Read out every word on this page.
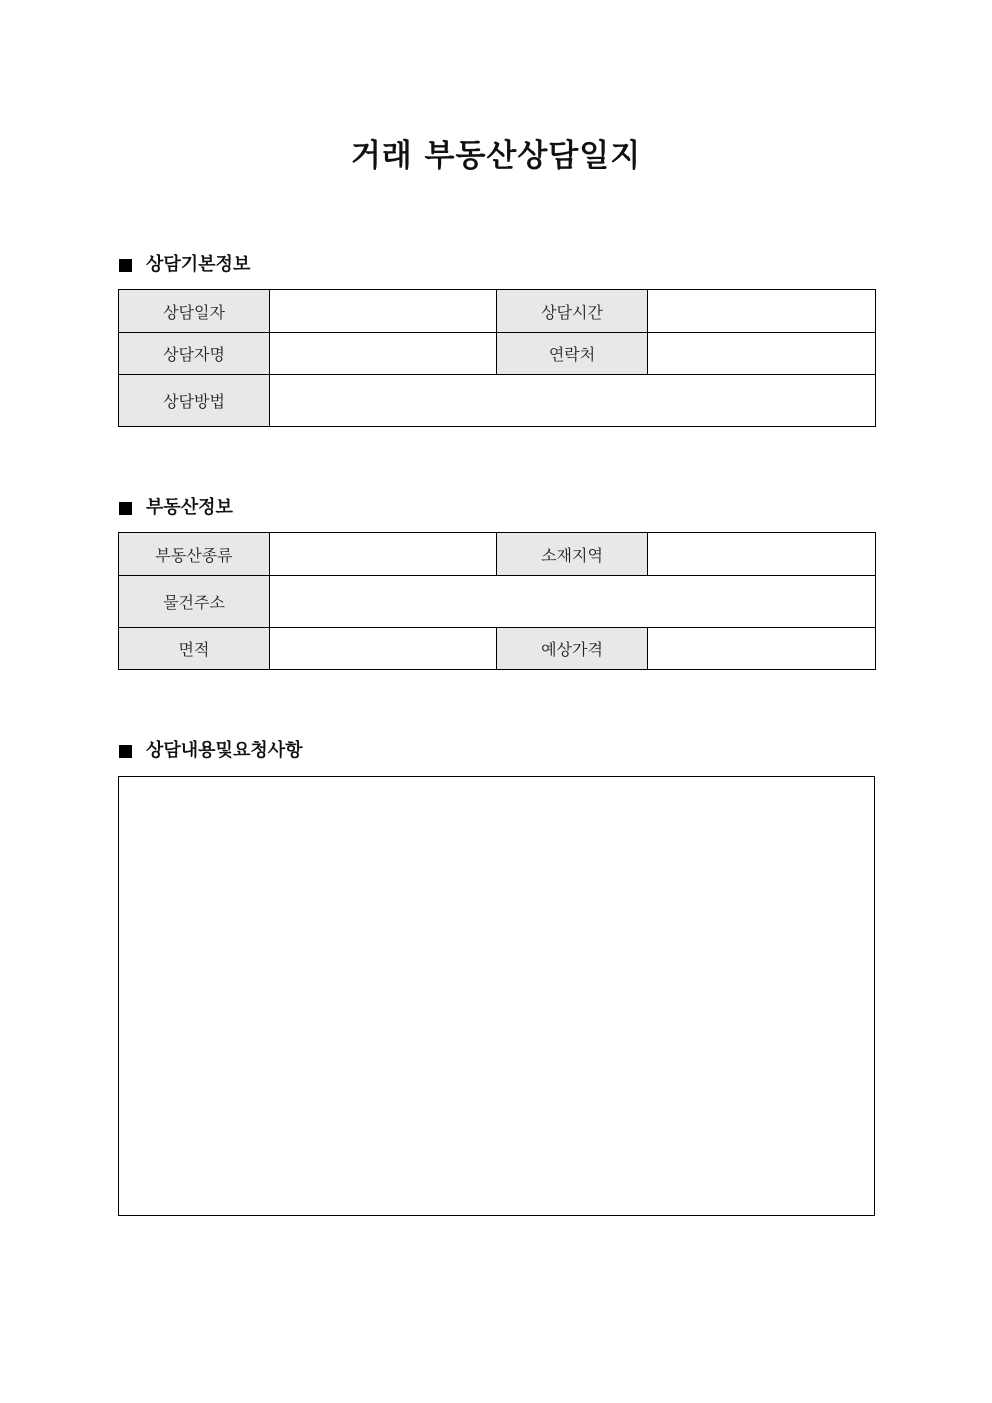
거래 부동산상담일지
상담기본정보
상담일자		상담시간	
상담자명		연락처	
상담방법			
부동산정보
부동산종류		소재지역	
물건주소			
면적		예상가격	
상담내용및요청사항
